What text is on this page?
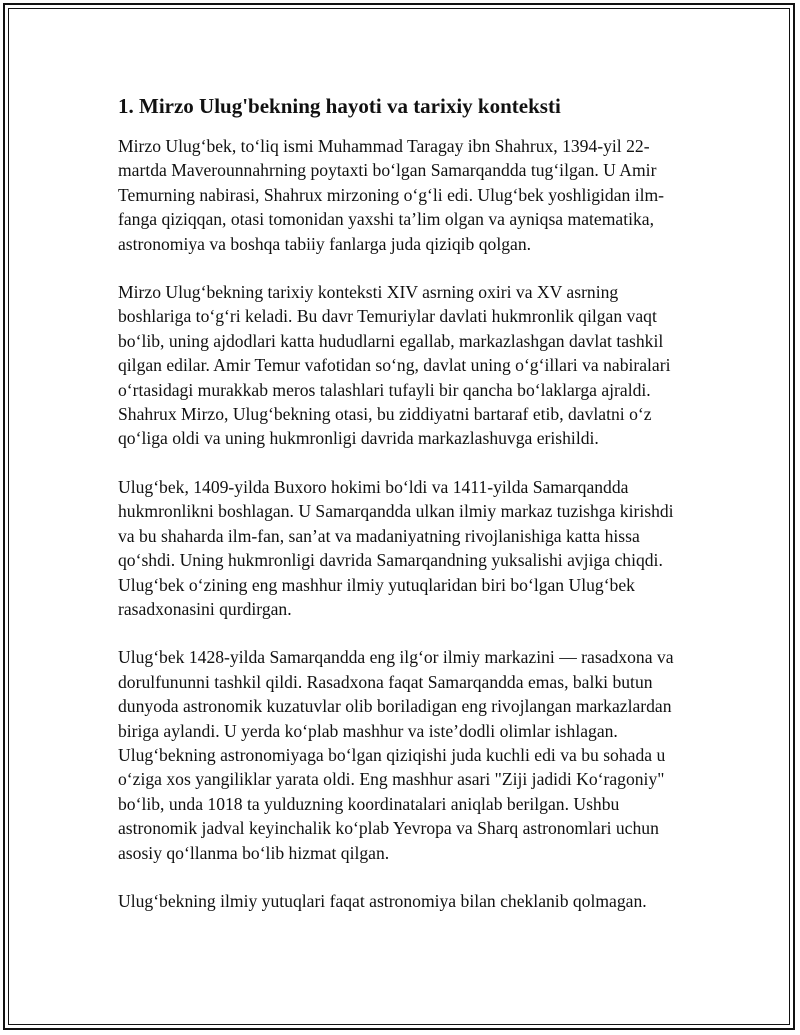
1. Mirzo Ulug'bekning hayoti va tarixiy konteksti

Mirzo Ulug‘bek, to‘liq ismi Muhammad Taragay ibn Shahrux, 1394-yil 22-martda Maverounnahrning poytaxti bo‘lgan Samarqandda tug‘ilgan. U Amir Temurning nabirasi, Shahrux mirzoning o‘g‘li edi. Ulug‘bek yoshligidan ilm-fanga qiziqqan, otasi tomonidan yaxshi ta’lim olgan va ayniqsa matematika, astronomiya va boshqa tabiiy fanlarga juda qiziqib qolgan.

Mirzo Ulug‘bekning tarixiy konteksti XIV asrning oxiri va XV asrning boshlariga to‘g‘ri keladi. Bu davr Temuriylar davlati hukmronlik qilgan vaqt bo‘lib, uning ajdodlari katta hududlarni egallab, markazlashgan davlat tashkil qilgan edilar. Amir Temur vafotidan so‘ng, davlat uning o‘g‘illari va nabiralari o‘rtasidagi murakkab meros talashlari tufayli bir qancha bo‘laklarga ajraldi. Shahrux Mirzo, Ulug‘bekning otasi, bu ziddiyatni bartaraf etib, davlatni o‘z qo‘liga oldi va uning hukmronligi davrida markazlashuvga erishildi.

Ulug‘bek, 1409-yilda Buxoro hokimi bo‘ldi va 1411-yilda Samarqandda hukmronlikni boshlagan. U Samarqandda ulkan ilmiy markaz tuzishga kirishdi va bu shaharda ilm-fan, san’at va madaniyatning rivojlanishiga katta hissa qo‘shdi. Uning hukmronligi davrida Samarqandning yuksalishi avjiga chiqdi. Ulug‘bek o‘zining eng mashhur ilmiy yutuqlaridan biri bo‘lgan Ulug‘bek rasadxonasini qurdirgan.

Ulug‘bek 1428-yilda Samarqandda eng ilg‘or ilmiy markazini — rasadxona va dorulfununni tashkil qildi. Rasadxona faqat Samarqandda emas, balki butun dunyoda astronomik kuzatuvlar olib boriladigan eng rivojlangan markazlardan biriga aylandi. U yerda ko‘plab mashhur va iste’dodli olimlar ishlagan. Ulug‘bekning astronomiyaga bo‘lgan qiziqishi juda kuchli edi va bu sohada u o‘ziga xos yangiliklar yarata oldi. Eng mashhur asari "Ziji jadidi Ko‘ragoniy" bo‘lib, unda 1018 ta yulduzning koordinatalari aniqlab berilgan. Ushbu astronomik jadval keyinchalik ko‘plab Yevropa va Sharq astronomlari uchun asosiy qo‘llanma bo‘lib hizmat qilgan.

Ulug‘bekning ilmiy yutuqlari faqat astronomiya bilan cheklanib qolmagan.
